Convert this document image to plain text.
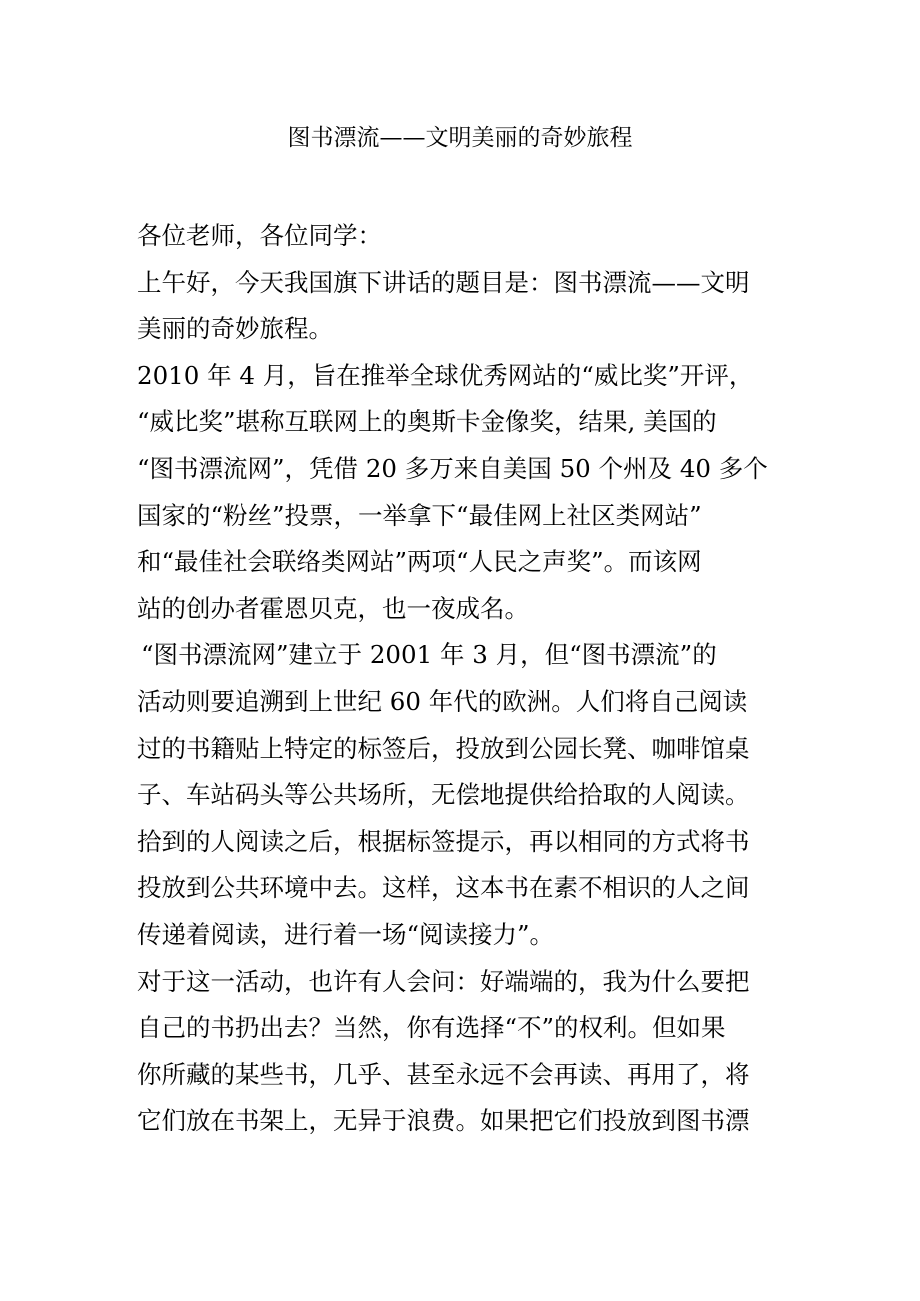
图书漂流——文明美丽的奇妙旅程
各位老师，各位同学：
上午好，今天我国旗下讲话的题目是：图书漂流——文明
美丽的奇妙旅程。
2010 年 4 月，旨在推举全球优秀网站的“威比奖”开评，
“威比奖”堪称互联网上的奥斯卡金像奖，结果, 美国的
“图书漂流网”，凭借 20 多万来自美国 50 个州及 40 多个
国家的“粉丝”投票，一举拿下“最佳网上社区类网站”
和“最佳社会联络类网站”两项“人民之声奖”。而该网
站的创办者霍恩贝克，也一夜成名。
“图书漂流网”建立于 2001 年 3 月，但“图书漂流”的
活动则要追溯到上世纪 60 年代的欧洲。人们将自己阅读
过的书籍贴上特定的标签后，投放到公园长凳、咖啡馆桌
子、车站码头等公共场所，无偿地提供给拾取的人阅读。
拾到的人阅读之后，根据标签提示，再以相同的方式将书
投放到公共环境中去。这样，这本书在素不相识的人之间
传递着阅读，进行着一场“阅读接力”。
对于这一活动，也许有人会问：好端端的，我为什么要把
自己的书扔出去？当然，你有选择“不”的权利。但如果
你所藏的某些书，几乎、甚至永远不会再读、再用了，将
它们放在书架上，无异于浪费。如果把它们投放到图书漂
